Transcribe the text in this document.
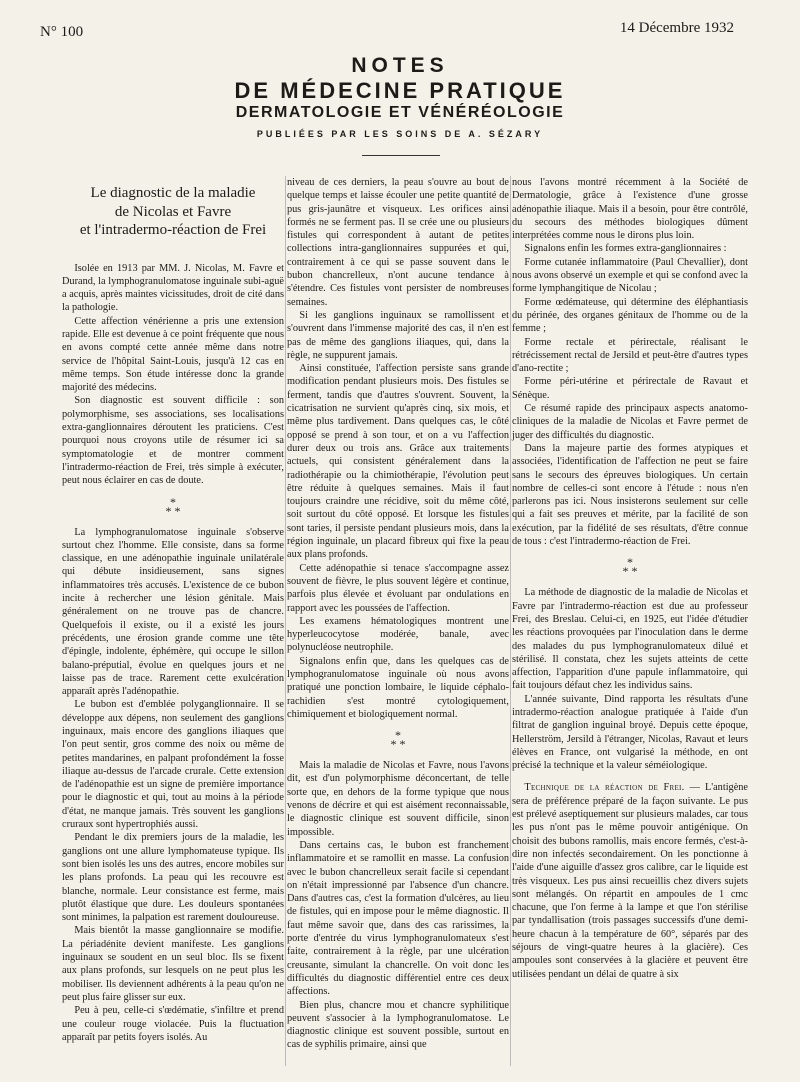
N° 100	14 Décembre 1932
NOTES
DE MÉDECINE PRATIQUE
DERMATOLOGIE ET VÉNÉRÉOLOGIE
PUBLIÉES PAR LES SOINS DE A. SÉZARY
Le diagnostic de la maladie
de Nicolas et Favre
et l'intradermo-réaction de Frei

Isolée en 1913 par MM. J. Nicolas, M. Favre et Durand, la lymphogranulomatose inguinale subi-aguë a acquis, après maintes vicissitudes, droit de cité dans la pathologie.

Cette affection vénérienne a pris une extension rapide. Elle est devenue à ce point fréquente que nous en avons compté cette année même dans notre service de l'hôpital Saint-Louis, jusqu'à 12 cas en même temps. Son étude intéresse donc la grande majorité des médecins.

Son diagnostic est souvent difficile : son polymorphisme, ses associations, ses localisations extra-ganglionnaires déroutent les praticiens. C'est pourquoi nous croyons utile de résumer ici sa symptomatologie et de montrer comment l'intradermo-réaction de Frei, très simple à exécuter, peut nous éclairer en cas de doute.

*
* *

La lymphogranulomatose inguinale s'observe surtout chez l'homme. Elle consiste, dans sa forme classique, en une adénopathie inguinale unilatérale qui débute insidieusement, sans signes inflammatoires très accusés. L'existence de ce bubon incite à rechercher une lésion génitale. Mais généralement on ne trouve pas de chancre. Quelquefois il existe, ou il a existé les jours précédents, une érosion grande comme une tête d'épingle, indolente, éphémère, qui occupe le sillon balano-préputial, évolue en quelques jours et ne laisse pas de trace. Rarement cette exulcération apparaît après l'adénopathie.

Le bubon est d'emblée polyganglionnaire. Il se développe aux dépens, non seulement des ganglions inguinaux, mais encore des ganglions iliaques que l'on peut sentir, gros comme des noix ou même de petites mandarines, en palpant profondément la fosse iliaque au-dessus de l'arcade crurale. Cette extension de l'adénopathie est un signe de première importance pour le diagnostic et qui, tout au moins à la période d'état, ne manque jamais. Très souvent les ganglions cruraux sont hypertrophiés aussi.

Pendant le dix premiers jours de la maladie, les ganglions ont une allure lymphomateuse typique. Ils sont bien isolés les uns des autres, encore mobiles sur les plans profonds. La peau qui les recouvre est blanche, normale. Leur consistance est ferme, mais plutôt élastique que dure. Les douleurs spontanées sont minimes, la palpation est rarement douloureuse.

Mais bientôt la masse ganglionnaire se modifie. La périadénite devient manifeste. Les ganglions inguinaux se soudent en un seul bloc. Ils se fixent aux plans profonds, sur lesquels on ne peut plus les mobiliser. Ils deviennent adhérents à la peau qu'on ne peut plus faire glisser sur eux.

Peu à peu, celle-ci s'œdématie, s'infiltre et prend une couleur rouge violacée. Puis la fluctuation apparaît par petits foyers isolés. Au

niveau de ces derniers, la peau s'ouvre au bout de quelque temps et laisse écouler une petite quantité de pus gris-jaunâtre et visqueux. Les orifices ainsi formés ne se ferment pas. Il se crée une ou plusieurs fistules qui correspondent à autant de petites collections intra-ganglionnaires suppurées et qui, contrairement à ce qui se passe souvent dans le bubon chancrelleux, n'ont aucune tendance à s'étendre. Ces fistules vont persister de nombreuses semaines.

Si les ganglions inguinaux se ramollissent et s'ouvrent dans l'immense majorité des cas, il n'en est pas de même des ganglions iliaques, qui, dans la règle, ne suppurent jamais.

Ainsi constituée, l'affection persiste sans grande modification pendant plusieurs mois. Des fistules se ferment, tandis que d'autres s'ouvrent. Souvent, la cicatrisation ne survient qu'après cinq, six mois, et même plus tardivement. Dans quelques cas, le côté opposé se prend à son tour, et on a vu l'affection durer deux ou trois ans. Grâce aux traitements actuels, qui consistent généralement dans la radiothérapie ou la chimiothérapie, l'évolution peut être réduite à quelques semaines. Mais il faut toujours craindre une récidive, soit du même côté, soit surtout du côté opposé. Et lorsque les fistules sont taries, il persiste pendant plusieurs mois, dans la région inguinale, un placard fibreux qui fixe la peau aux plans profonds.

Cette adénopathie si tenace s'accompagne assez souvent de fièvre, le plus souvent légère et continue, parfois plus élevée et évoluant par ondulations en rapport avec les poussées de l'affection.

Les examens hématologiques montrent une hyperleucocytose modérée, banale, avec polynucléose neutrophile.

Signalons enfin que, dans les quelques cas de lymphogranulomatose inguinale où nous avons pratiqué une ponction lombaire, le liquide céphalo-rachidien s'est montré cytologiquement, chimiquement et biologiquement normal.

*
* *

Mais la maladie de Nicolas et Favre, nous l'avons dit, est d'un polymorphisme déconcertant, de telle sorte que, en dehors de la forme typique que nous venons de décrire et qui est aisément reconnaissable, le diagnostic clinique est souvent difficile, sinon impossible.

Dans certains cas, le bubon est franchement inflammatoire et se ramollit en masse. La confusion avec le bubon chancrelleux serait facile si cependant on n'était impressionné par l'absence d'un chancre. Dans d'autres cas, c'est la formation d'ulcères, au lieu de fistules, qui en impose pour le même diagnostic. Il faut même savoir que, dans des cas rarissimes, la porte d'entrée du virus lymphogranulomateux s'est faite, contrairement à la règle, par une ulcération creusante, simulant la chancrelle. On voit donc les difficultés du diagnostic différentiel entre ces deux affections.

Bien plus, chancre mou et chancre syphilitique peuvent s'associer à la lymphogranulomatose. Le diagnostic clinique est souvent possible, surtout en cas de syphilis primaire, ainsi que

nous l'avons montré récemment à la Société de Dermatologie, grâce à l'existence d'une grosse adénopathie iliaque. Mais il a besoin, pour être contrôlé, du secours des méthodes biologiques dûment interprétées comme nous le dirons plus loin.

Signalons enfin les formes extra-ganglionnaires :

Forme cutanée inflammatoire (Paul Chevallier), dont nous avons observé un exemple et qui se confond avec la forme lymphangitique de Nicolau ;

Forme œdémateuse, qui détermine des éléphantiasis du périnée, des organes génitaux de l'homme ou de la femme ;

Forme rectale et périrectale, réalisant le rétrécissement rectal de Jersild et peut-être d'autres types d'ano-rectite ;

Forme péri-utérine et périrectale de Ravaut et Sénèque.

Ce résumé rapide des principaux aspects anatomo-cliniques de la maladie de Nicolas et Favre permet de juger des difficultés du diagnostic.

Dans la majeure partie des formes atypiques et associées, l'identification de l'affection ne peut se faire sans le secours des épreuves biologiques. Un certain nombre de celles-ci sont encore à l'étude : nous n'en parlerons pas ici. Nous insisterons seulement sur celle qui a fait ses preuves et mérite, par la facilité de son exécution, par la fidélité de ses résultats, d'être connue de tous : c'est l'intradermo-réaction de Frei.

*
* *

La méthode de diagnostic de la maladie de Nicolas et Favre par l'intradermo-réaction est due au professeur Frei, des Breslau. Celui-ci, en 1925, eut l'idée d'étudier les réactions provoquées par l'inoculation dans le derme des malades du pus lymphogranulomateux dilué et stérilisé. Il constata, chez les sujets atteints de cette affection, l'apparition d'une papule inflammatoire, qui fait toujours défaut chez les individus sains.

L'année suivante, Dind rapporta les résultats d'une intradermo-réaction analogue pratiquée à l'aide d'un filtrat de ganglion inguinal broyé. Depuis cette époque, Hellerström, Jersild à l'étranger, Nicolas, Ravaut et leurs élèves en France, ont vulgarisé la méthode, en ont précisé la technique et la valeur séméiologique.

Technique de la réaction de Frei. — L'antigène sera de préférence préparé de la façon suivante. Le pus est prélevé aseptiquement sur plusieurs malades, car tous les pus n'ont pas le même pouvoir antigénique. On choisit des bubons ramollis, mais encore fermés, c'est-à-dire non infectés secondairement. On les ponctionne à l'aide d'une aiguille d'assez gros calibre, car le liquide est très visqueux. Les pus ainsi recueillis chez divers sujets sont mélangés. On répartit en ampoules de 1 cmc chacune, que l'on ferme à la lampe et que l'on stérilise par tyndallisation (trois passages successifs d'une demi-heure chacun à la température de 60°, séparés par des séjours de vingt-quatre heures à la glacière). Ces ampoules sont conservées à la glacière et peuvent être utilisées pendant un délai de quatre à six
